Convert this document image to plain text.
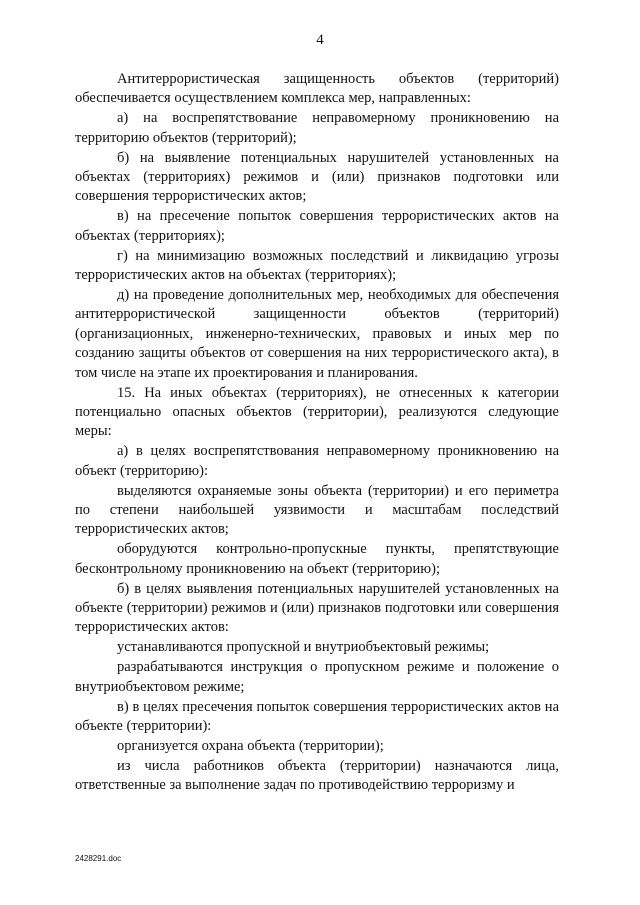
4

Антитеррористическая защищенность объектов (территорий) обеспечивается осуществлением комплекса мер, направленных:

а) на воспрепятствование неправомерному проникновению на территорию объектов (территорий);

б) на выявление потенциальных нарушителей установленных на объектах (территориях) режимов и (или) признаков подготовки или совершения террористических актов;

в) на пресечение попыток совершения террористических актов на объектах (территориях);

г) на минимизацию возможных последствий и ликвидацию угрозы террористических актов на объектах (территориях);

д) на проведение дополнительных мер, необходимых для обеспечения антитеррористической защищенности объектов (территорий) (организационных, инженерно-технических, правовых и иных мер по созданию защиты объектов от совершения на них террористического акта), в том числе на этапе их проектирования и планирования.

15. На иных объектах (территориях), не отнесенных к категории потенциально опасных объектов (территории), реализуются следующие меры:

а) в целях воспрепятствования неправомерному проникновению на объект (территорию):

выделяются охраняемые зоны объекта (территории) и его периметра по степени наибольшей уязвимости и масштабам последствий террористических актов;

оборудуются контрольно-пропускные пункты, препятствующие бесконтрольному проникновению на объект (территорию);

б) в целях выявления потенциальных нарушителей установленных на объекте (территории) режимов и (или) признаков подготовки или совершения террористических актов:

устанавливаются пропускной и внутриобъектовый режимы;

разрабатываются инструкция о пропускном режиме и положение о внутриобъектовом режиме;

в) в целях пресечения попыток совершения террористических актов на объекте (территории):

организуется охрана объекта (территории);

из числа работников объекта (территории) назначаются лица, ответственные за выполнение задач по противодействию терроризму и

2428291.doc
